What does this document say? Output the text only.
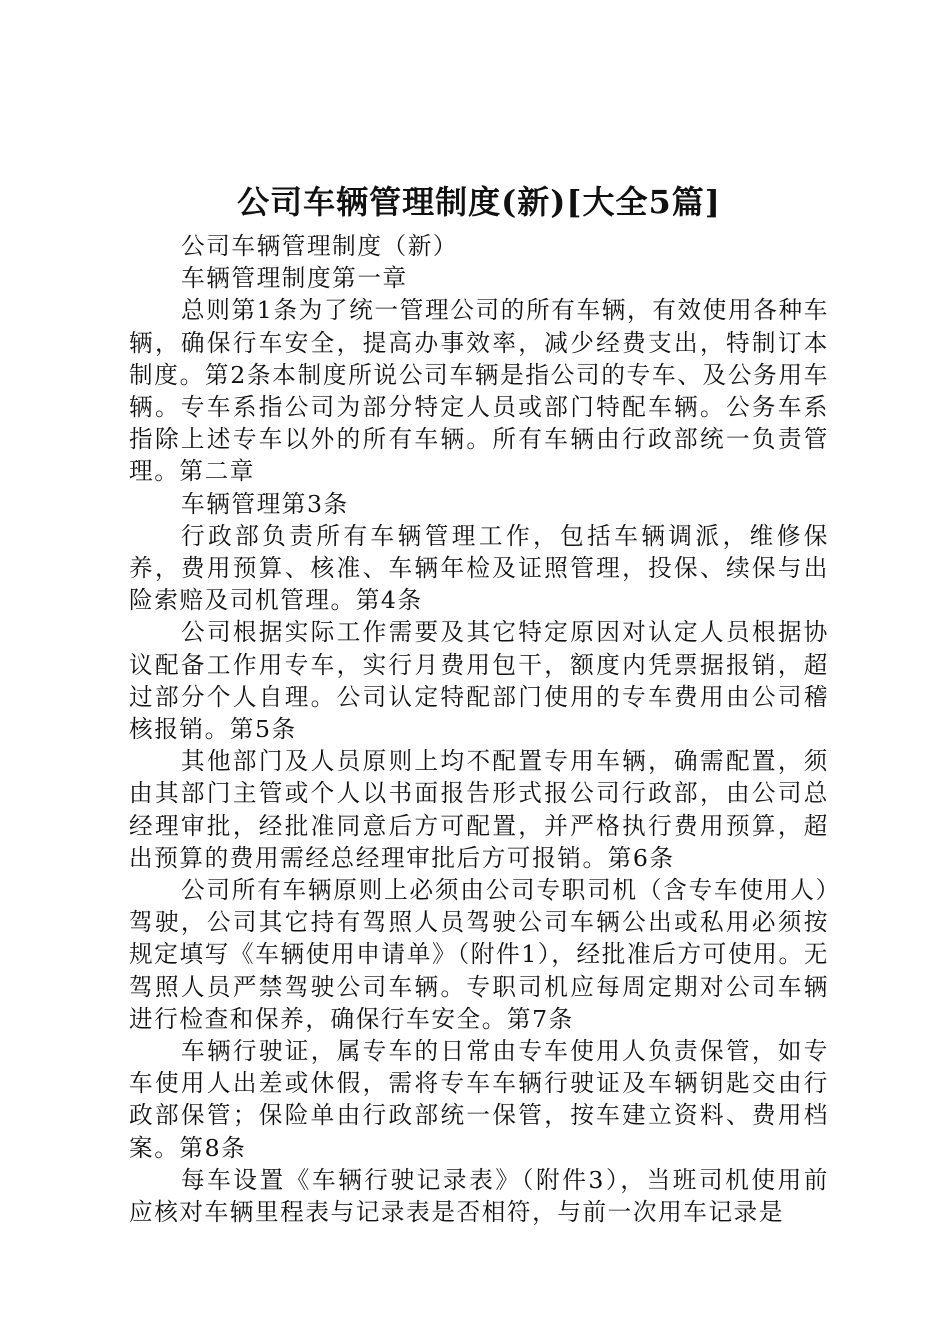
公司车辆管理制度(新)[大全5篇]

公司车辆管理制度（新）

车辆管理制度第一章

总则第1条为了统一管理公司的所有车辆，有效使用各种车辆，确保行车安全，提高办事效率，减少经费支出，特制订本制度。第2条本制度所说公司车辆是指公司的专车、及公务用车辆。专车系指公司为部分特定人员或部门特配车辆。公务车系指除上述专车以外的所有车辆。所有车辆由行政部统一负责管理。第二章

车辆管理第3条

行政部负责所有车辆管理工作，包括车辆调派，维修保养，费用预算、核准、车辆年检及证照管理，投保、续保与出险索赔及司机管理。第4条

公司根据实际工作需要及其它特定原因对认定人员根据协议配备工作用专车，实行月费用包干，额度内凭票据报销，超过部分个人自理。公司认定特配部门使用的专车费用由公司稽核报销。第5条

其他部门及人员原则上均不配置专用车辆，确需配置，须由其部门主管或个人以书面报告形式报公司行政部，由公司总经理审批，经批准同意后方可配置，并严格执行费用预算，超出预算的费用需经总经理审批后方可报销。第6条

公司所有车辆原则上必须由公司专职司机（含专车使用人）驾驶，公司其它持有驾照人员驾驶公司车辆公出或私用必须按规定填写《车辆使用申请单》（附件1），经批准后方可使用。无驾照人员严禁驾驶公司车辆。专职司机应每周定期对公司车辆进行检查和保养，确保行车安全。第7条

车辆行驶证，属专车的日常由专车使用人负责保管，如专车使用人出差或休假，需将专车车辆行驶证及车辆钥匙交由行政部保管；保险单由行政部统一保管，按车建立资料、费用档案。第8条

每车设置《车辆行驶记录表》（附件3），当班司机使用前应核对车辆里程表与记录表是否相符，与前一次用车记录是
